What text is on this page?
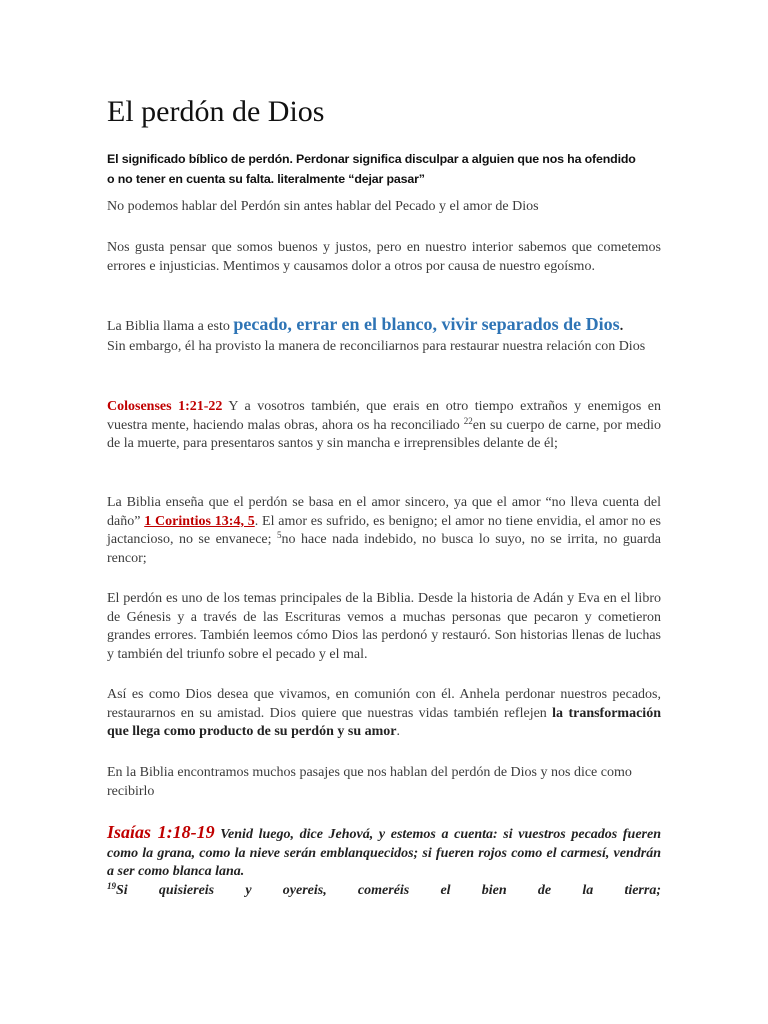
El perdón de Dios

El significado bíblico de perdón. Perdonar significa disculpar a alguien que nos ha ofendido
o no tener en cuenta su falta. literalmente “dejar pasar”

No podemos hablar del Perdón sin antes hablar del Pecado y el amor de Dios

Nos gusta pensar que somos buenos y justos, pero en nuestro interior sabemos que cometemos errores e injusticias. Mentimos y causamos dolor a otros por causa de nuestro egoísmo.

La Biblia llama a esto pecado, errar en el blanco, vivir separados de Dios.
Sin embargo, él ha provisto la manera de reconciliarnos para restaurar nuestra relación con Dios

Colosenses 1:21-22 Y a vosotros también, que erais en otro tiempo extraños y enemigos en vuestra mente, haciendo malas obras, ahora os ha reconciliado $^{22}$en su cuerpo de carne, por medio de la muerte, para presentaros santos y sin mancha e irreprensibles delante de él;

La Biblia enseña que el perdón se basa en el amor sincero, ya que el amor “no lleva cuenta del daño” 1 Corintios 13:4, 5. El amor es sufrido, es benigno; el amor no tiene envidia, el amor no es jactancioso, no se envanece; $^5$no hace nada indebido, no busca lo suyo, no se irrita, no guarda rencor;

El perdón es uno de los temas principales de la Biblia. Desde la historia de Adán y Eva en el libro de Génesis y a través de las Escrituras vemos a muchas personas que pecaron y cometieron grandes errores. También leemos cómo Dios las perdonó y restauró. Son historias llenas de luchas y también del triunfo sobre el pecado y el mal.

Así es como Dios desea que vivamos, en comunión con él. Anhela perdonar nuestros pecados, restaurarnos en su amistad. Dios quiere que nuestras vidas también reflejen la transformación que llega como producto de su perdón y su amor.

En la Biblia encontramos muchos pasajes que nos hablan del perdón de Dios y nos dice como recibirlo

Isaías 1:18-19 Venid luego, dice Jehová, y estemos a cuenta: si vuestros pecados fueren como la grana, como la nieve serán emblanquecidos; si fueren rojos como el carmesí, vendrán a ser como blanca lana.
$^{19}$Si quisiereis y oyereis, comeréis el bien de la tierra;
